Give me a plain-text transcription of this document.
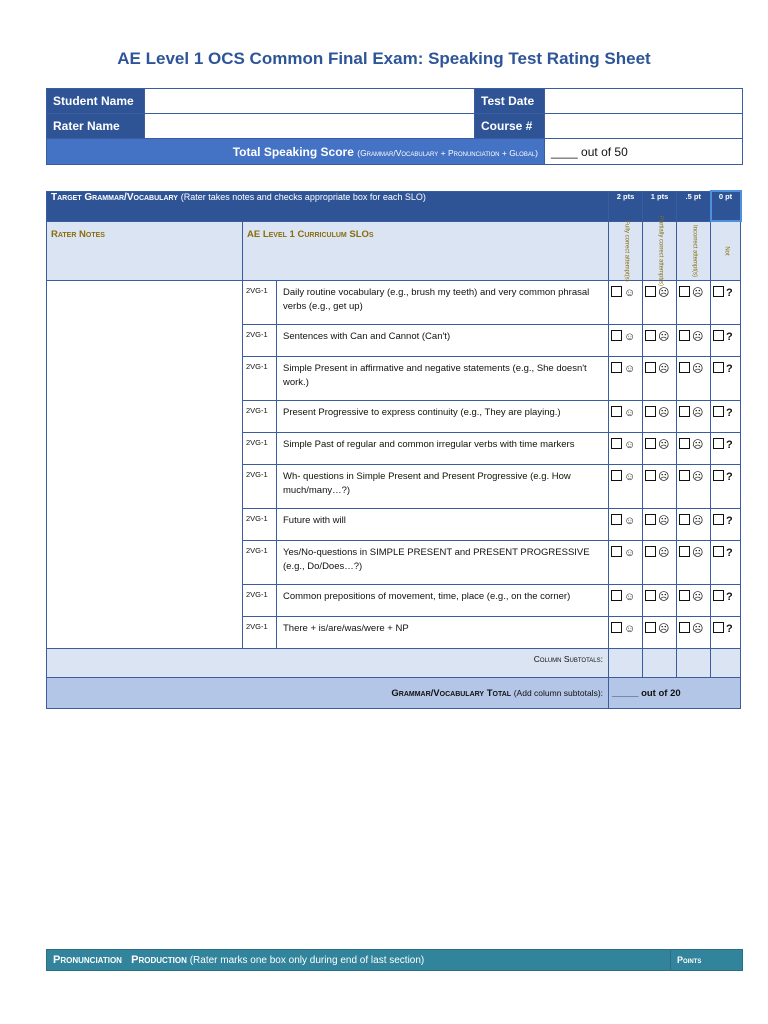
AE Level 1 OCS Common Final Exam: Speaking Test Rating Sheet
Student Name		Test Date	
Rater Name		Course #	
Total Speaking Score (Grammar/Vocabulary + Pronunciation + Global)			____ out of 50
Target Grammar/Vocabulary (Rater takes notes and checks appropriate box for each SLO)			2 pts	1 pts	.5 pt	0 pt
Rater Notes	AE Level 1 Curriculum SLOs		Fully correct attempt(s)	Partially correct attempt(s)	Incorrect attempt(s)	Not

	2VG-1	Daily routine vocabulary (e.g., brush my teeth) and very common phrasal verbs (e.g., get up)	☺	☹	☹	?
	2VG-1	Sentences with Can and Cannot (Can't)	☺	☹	☹	?
	2VG-1	Simple Present in affirmative and negative statements (e.g., She doesn't work.)	☺	☹	☹	?
	2VG-1	Present Progressive to express continuity (e.g., They are playing.)	☺	☹	☹	?
	2VG-1	Simple Past of regular and common irregular verbs with time markers	☺	☹	☹	?
	2VG-1	Wh- questions in Simple Present and Present Progressive (e.g. How much/many…?)	☺	☹	☹	?
	2VG-1	Future with will	☺	☹	☹	?
	2VG-1	Yes/No-questions in SIMPLE PRESENT and PRESENT PROGRESSIVE (e.g., Do/Does…?)	☺	☹	☹	?
	2VG-1	Common prepositions of movement, time, place (e.g., on the corner)	☺	☹	☹	?
	2VG-1	There + is/are/was/were + NP	☺	☹	☹	?

Column Subtotals:						

Grammar/Vocabulary Total (Add column subtotals):			_____ out of 20			
Pronunciation   Production (Rater marks one box only during end of last section)	Points
